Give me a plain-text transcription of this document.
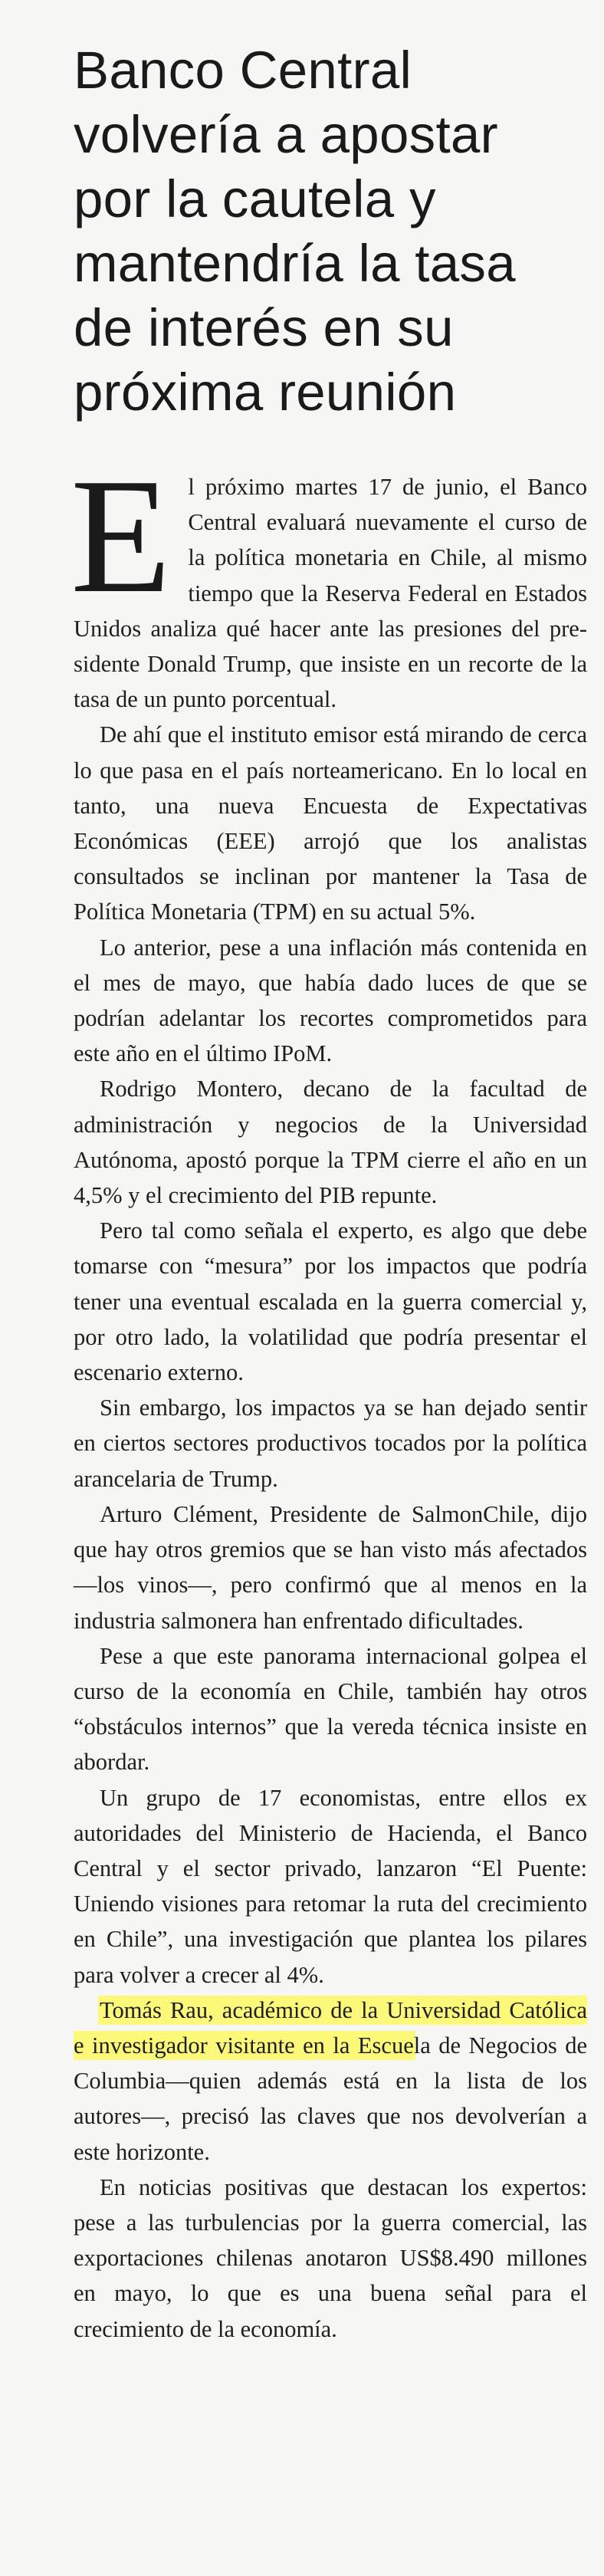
Banco Central
volvería a apostar
por la cautela y
mantendría la tasa
de interés en su
próxima reunión

El próximo martes 17 de junio, el Banco Central evaluará nuevamente el curso de la política monetaria en Chile, al mismo tiempo que la Reserva Federal en Estados Unidos analiza qué hacer ante las presiones del presidente Donald Trump, que insiste en un recorte de la tasa de un punto porcentual.

De ahí que el instituto emisor está mirando de cerca lo que pasa en el país norteamericano. En lo local en tanto, una nueva Encuesta de Expectativas Económicas (EEE) arrojó que los analistas consultados se inclinan por mantener la Tasa de Política Monetaria (TPM) en su actual 5%.

Lo anterior, pese a una inflación más contenida en el mes de mayo, que había dado luces de que se podrían adelantar los recortes comprometidos para este año en el último IPoM.

Rodrigo Montero, decano de la facultad de administración y negocios de la Universidad Autónoma, apostó porque la TPM cierre el año en un 4,5% y el crecimiento del PIB repunte.

Pero tal como señala el experto, es algo que debe tomarse con “mesura” por los impactos que podría tener una eventual escalada en la guerra comercial y, por otro lado, la volatilidad que podría presentar el escenario externo.

Sin embargo, los impactos ya se han dejado sentir en ciertos sectores productivos tocados por la política arancelaria de Trump.

Arturo Clément, Presidente de SalmonChile, dijo que hay otros gremios que se han visto más afectados —los vinos—, pero confirmó que al menos en la industria salmonera han enfrentado dificultades.

Pese a que este panorama internacional golpea el curso de la economía en Chile, también hay otros “obstáculos internos” que la vereda técnica insiste en abordar.

Un grupo de 17 economistas, entre ellos ex autoridades del Ministerio de Hacienda, el Banco Central y el sector privado, lanzaron “El Puente: Uniendo visiones para retomar la ruta del crecimiento en Chile”, una investigación que plantea los pilares para volver a crecer al 4%.

Tomás Rau, académico de la Universidad Católica e investigador visitante en la Escuela de Negocios de Columbia—quien además está en la lista de los autores—, precisó las claves que nos devolverían a este horizonte.

En noticias positivas que destacan los expertos: pese a las turbulencias por la guerra comercial, las exportaciones chilenas anotaron US$8.490 millones en mayo, lo que es una buena señal para el crecimiento de la economía.
